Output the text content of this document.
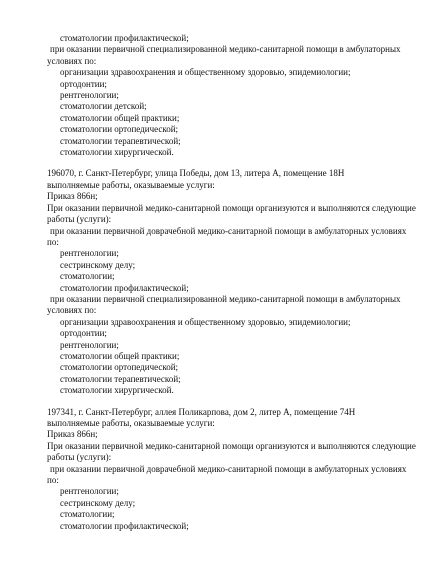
стоматологии профилактической;
при оказании первичной специализированной медико-санитарной помощи в амбулаторных
условиях по:
организации здравоохранения и общественному здоровью, эпидемиологии;
ортодонтии;
рентгенологии;
стоматологии детской;
стоматологии общей практики;
стоматологии ортопедической;
стоматологии терапевтической;
стоматологии хирургической.
196070, г. Санкт-Петербург, улица Победы, дом 13, литера А, помещение 18Н
выполняемые работы, оказываемые услуги:
Приказ 866н;
При оказании первичной медико-санитарной помощи организуются и выполняются следующие
работы (услуги):
при оказании первичной доврачебной медико-санитарной помощи в амбулаторных условиях
по:
рентгенологии;
сестринскому делу;
стоматологии;
стоматологии профилактической;
при оказании первичной специализированной медико-санитарной помощи в амбулаторных
условиях по:
организации здравоохранения и общественному здоровью, эпидемиологии;
ортодонтии;
рентгенологии;
стоматологии общей практики;
стоматологии ортопедической;
стоматологии терапевтической;
стоматологии хирургической.
197341, г. Санкт-Петербург, аллея Поликарпова, дом 2, литер А, помещение 74Н
выполняемые работы, оказываемые услуги:
Приказ 866н;
При оказании первичной медико-санитарной помощи организуются и выполняются следующие
работы (услуги):
при оказании первичной доврачебной медико-санитарной помощи в амбулаторных условиях
по:
рентгенологии;
сестринскому делу;
стоматологии;
стоматологии профилактической;
